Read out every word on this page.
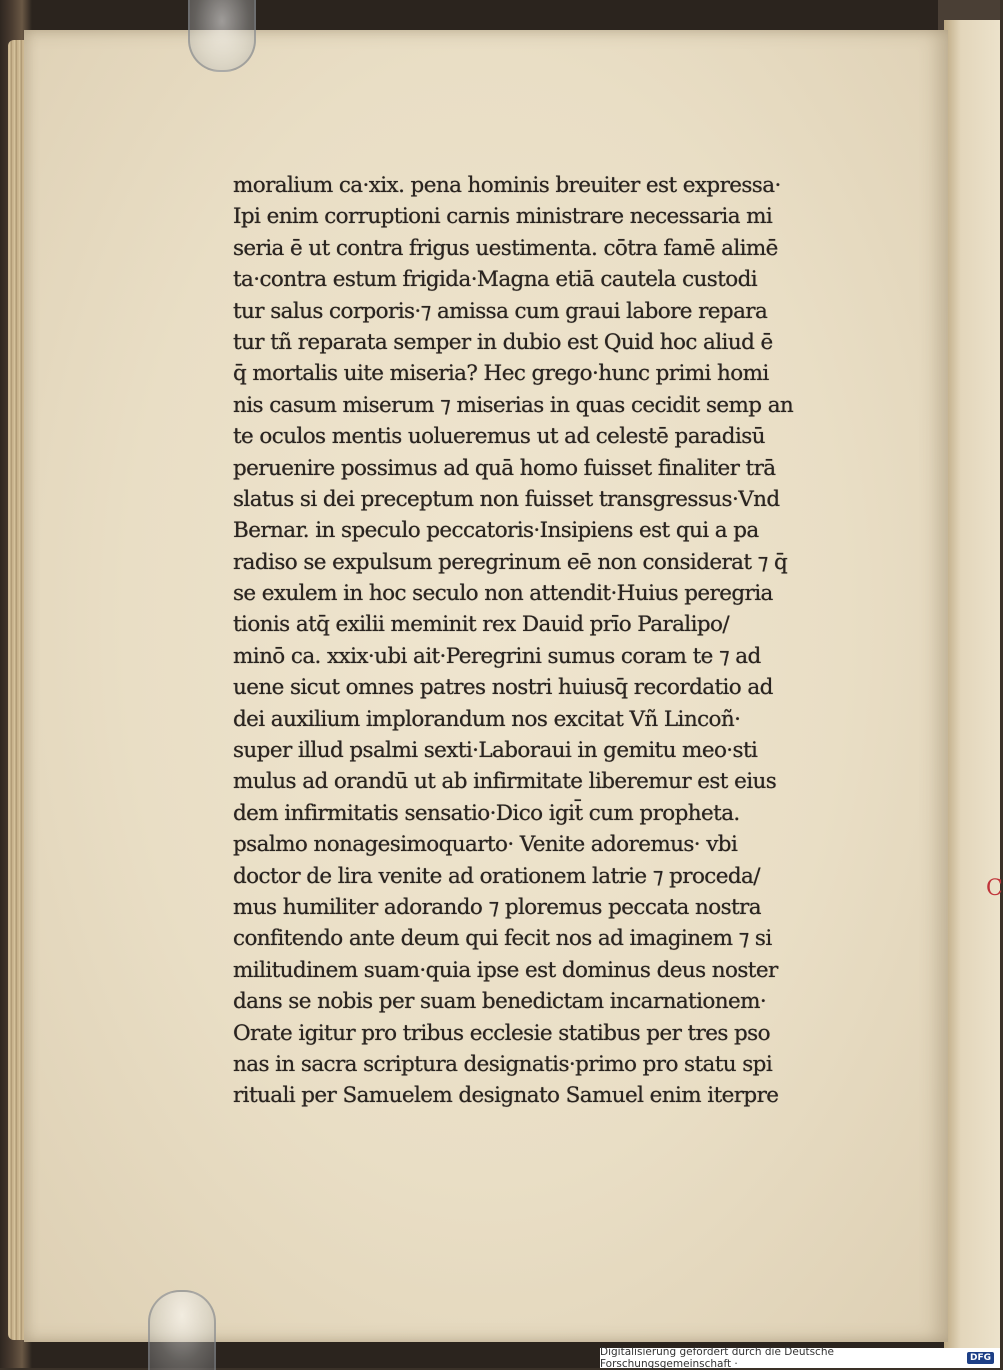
moralium ca·xix. pena hominis breuiter est expressa·
Ipi enim corruptioni carnis ministrare necessaria mi
seria ē ut contra frigus uestimenta. cōtra famē alimē
ta·contra estum frigida·Magna etiā cautela custodi
tur salus corporis·⁊ amissa cum graui labore repara
tur tñ reparata semper in dubio est Quid hoc aliud ē
q̄ mortalis uite miseria? Hec grego·hunc primi homi
nis casum miserum ⁊ miserias in quas cecidit semp an
te oculos mentis uolueremus ut ad celestē paradisū
peruenire possimus ad quā homo fuisset finaliter trā
slatus si dei preceptum non fuisset transgressus·Vnd
Bernar. in speculo peccatoris·Insipiens est qui a pa
radiso se expulsum peregrinum eē non considerat ⁊ q̄
se exulem in hoc seculo non attendit·Huius peregria
tionis atq̄ exilii meminit rex Dauid prīo Paralipo/
minō ca. xxix·ubi ait·Peregrini sumus coram te ⁊ ad
uene sicut omnes patres nostri huiusq̄ recordatio ad
dei auxilium implorandum nos excitat Vñ Lincoñ·
super illud psalmi sexti·Laboraui in gemitu meo·sti
mulus ad orandū ut ab infirmitate liberemur est eius
dem infirmitatis sensatio·Dico igit̄ cum propheta.
psalmo nonagesimoquarto· Venite adoremus· vbi
doctor de lira venite ad orationem latrie ⁊ proceda/
mus humiliter adorando ⁊ ploremus peccata nostra
confitendo ante deum qui fecit nos ad imaginem ⁊ si
militudinem suam·quia ipse est dominus deus noster
dans se nobis per suam benedictam incarnationem·
Orate igitur pro tribus ecclesie statibus per tres pso
nas in sacra scriptura designatis·primo pro statu spi
rituali per Samuelem designato Samuel enim iterpre
C
Digitalisierung gefördert durch die Deutsche Forschungsgemeinschaft ·	DFG
